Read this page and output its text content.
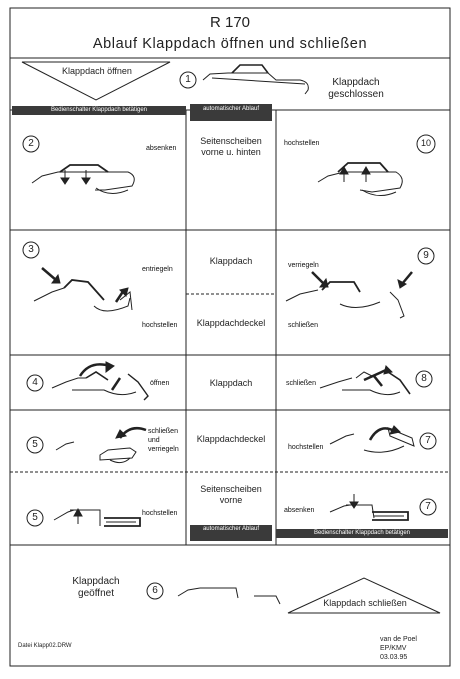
R 170
Ablauf Klappdach öffnen und schließen
Bedienschalter Klappdach betätigen	automatischer Ablauf
automatischer Ablauf
Bedienschalter Klappdach betätigen
Klappdach öffnen
Klappdach geschlossen
Klappdach geöffnet
Klappdach schließen
1
2	10
3
9
4	8
5	7
5
7
6
absenken
hochstellen
entriegeln
hochstellen
verriegeln
schließen
öffnen	schließen
schließen und verriegeln	hochstellen
hochstellen	absenken
Seitenscheiben vorne u. hinten
Klappdach
Klappdachdeckel
Klappdach
Klappdachdeckel
Seitenscheiben vorne
Datei Klapp02.DRW
van de Poel
EP/KMV
03.03.95
